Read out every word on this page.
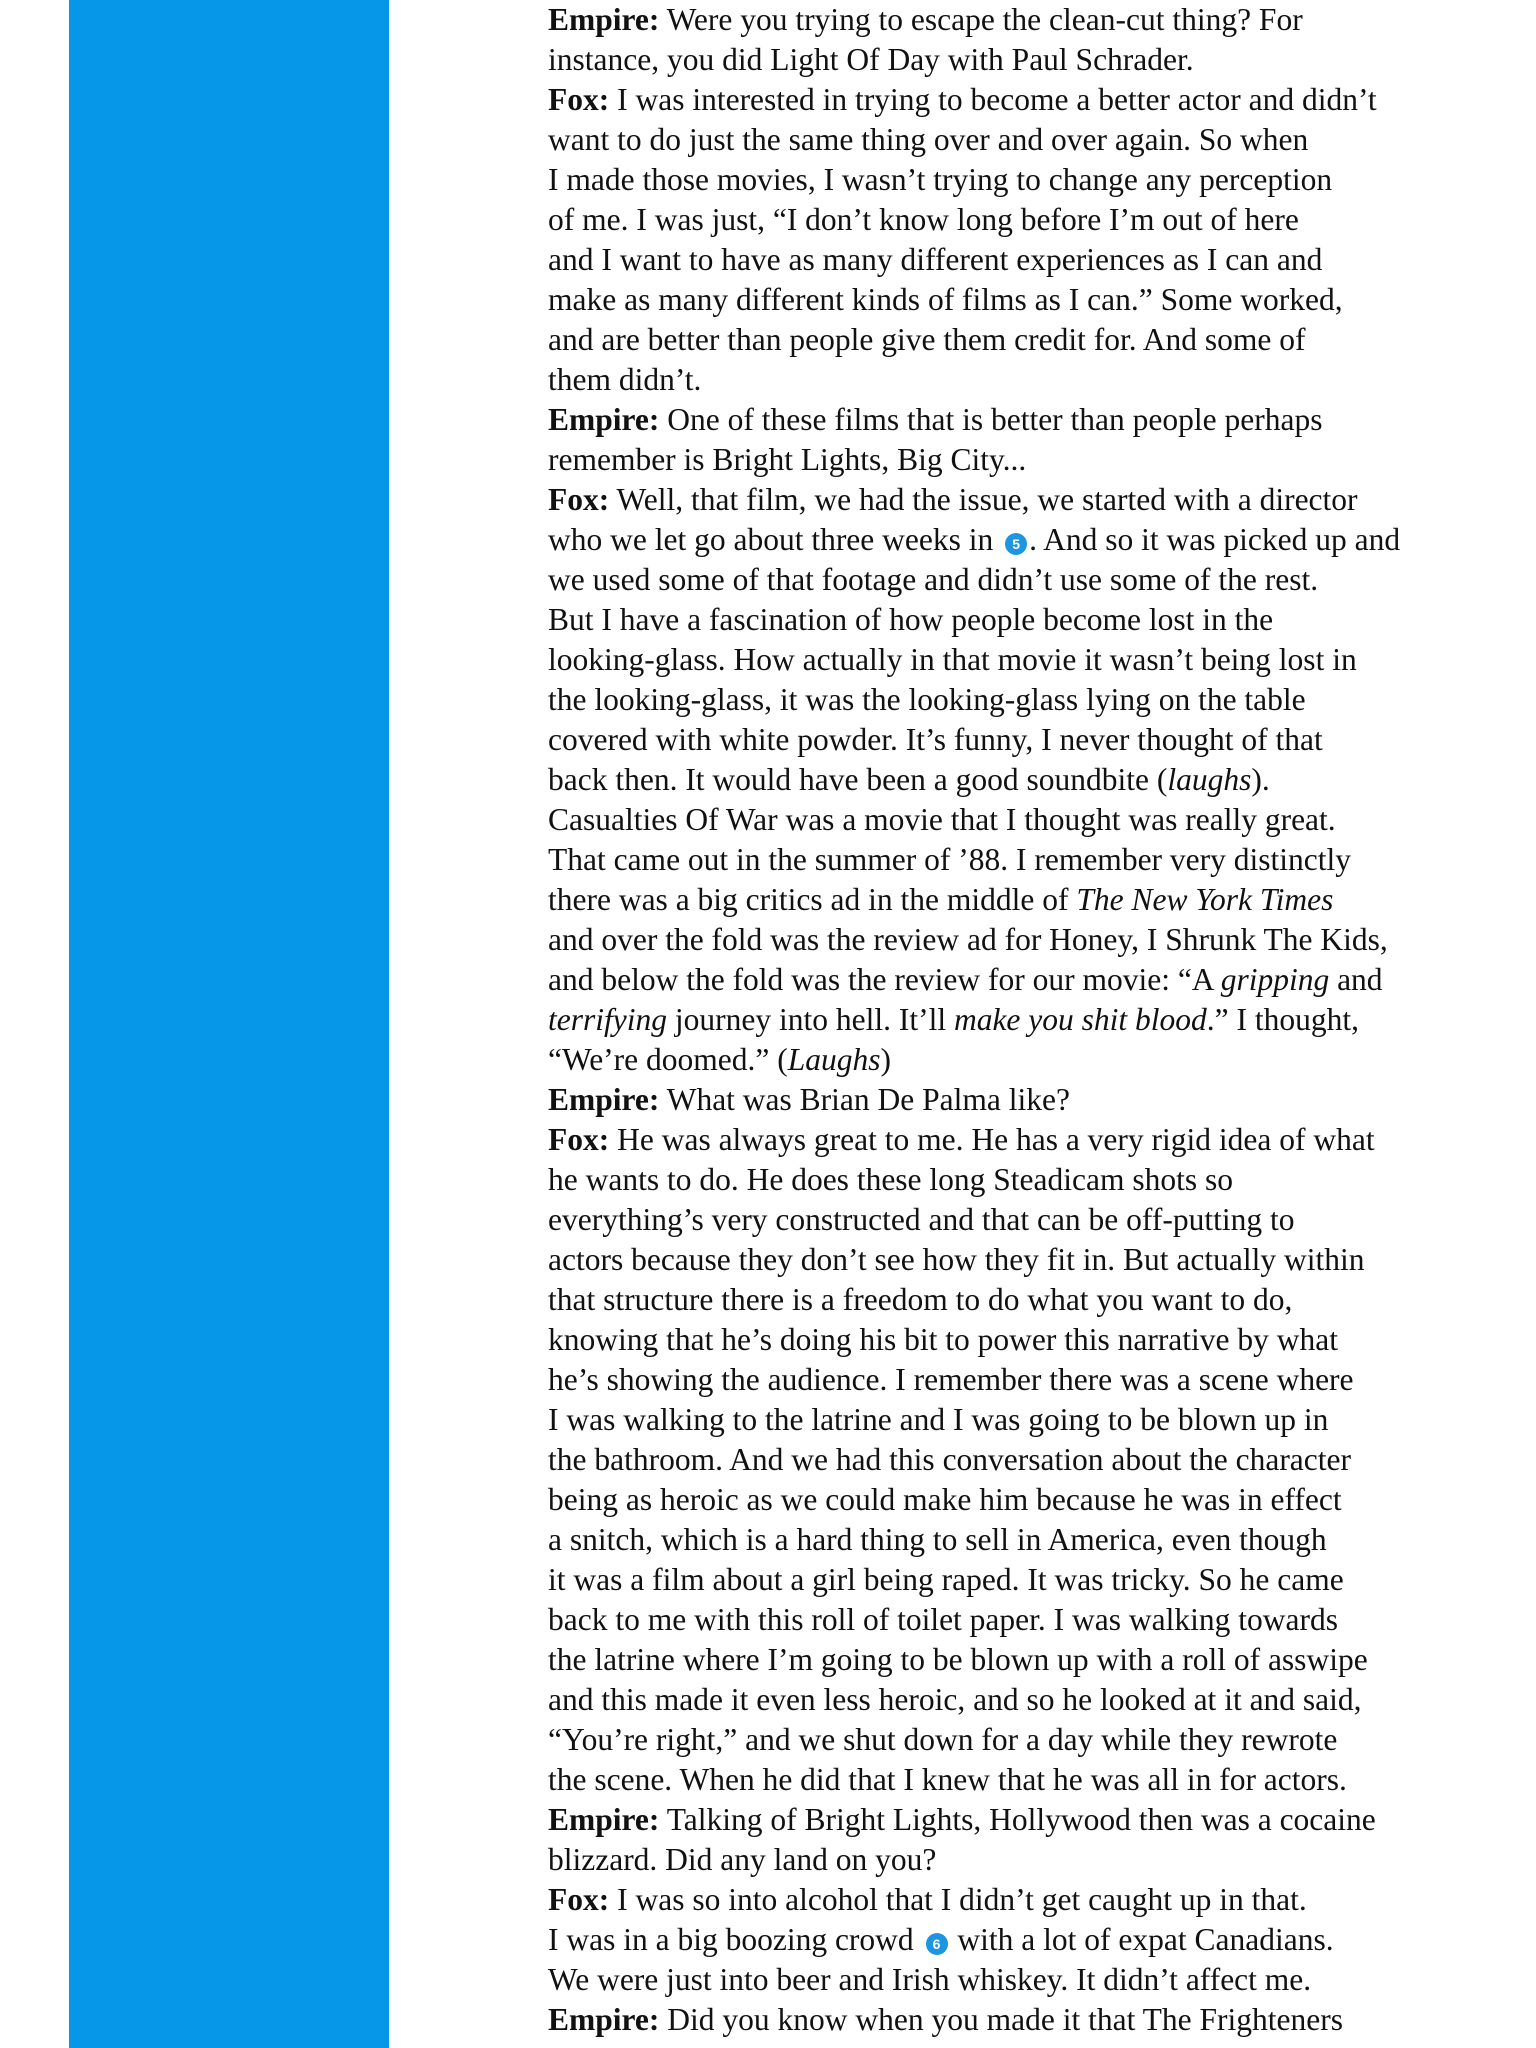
Empire: Were you trying to escape the clean-cut thing? For
instance, you did Light Of Day with Paul Schrader.
Fox: I was interested in trying to become a better actor and didn’t
want to do just the same thing over and over again. So when
I made those movies, I wasn’t trying to change any perception
of me. I was just, “I don’t know long before I’m out of here
and I want to have as many different experiences as I can and
make as many different kinds of films as I can.” Some worked,
and are better than people give them credit for. And some of
them didn’t.
Empire: One of these films that is better than people perhaps
remember is Bright Lights, Big City...
Fox: Well, that film, we had the issue, we started with a director
who we let go about three weeks in 5 . And so it was picked up and
we used some of that footage and didn’t use some of the rest.
But I have a fascination of how people become lost in the
looking-glass. How actually in that movie it wasn’t being lost in
the looking-glass, it was the looking-glass lying on the table
covered with white powder. It’s funny, I never thought of that
back then. It would have been a good soundbite (laughs).
Casualties Of War was a movie that I thought was really great.
That came out in the summer of ’88. I remember very distinctly
there was a big critics ad in the middle of The New York Times
and over the fold was the review ad for Honey, I Shrunk The Kids,
and below the fold was the review for our movie: “A gripping and
terrifying journey into hell. It’ll make you shit blood.” I thought,
“We’re doomed.” (Laughs)
Empire: What was Brian De Palma like?
Fox: He was always great to me. He has a very rigid idea of what
he wants to do. He does these long Steadicam shots so
everything’s very constructed and that can be off-putting to
actors because they don’t see how they fit in. But actually within
that structure there is a freedom to do what you want to do,
knowing that he’s doing his bit to power this narrative by what
he’s showing the audience. I remember there was a scene where
I was walking to the latrine and I was going to be blown up in
the bathroom. And we had this conversation about the character
being as heroic as we could make him because he was in effect
a snitch, which is a hard thing to sell in America, even though
it was a film about a girl being raped. It was tricky. So he came
back to me with this roll of toilet paper. I was walking towards
the latrine where I’m going to be blown up with a roll of asswipe
and this made it even less heroic, and so he looked at it and said,
“You’re right,” and we shut down for a day while they rewrote
the scene. When he did that I knew that he was all in for actors.
Empire: Talking of Bright Lights, Hollywood then was a cocaine
blizzard. Did any land on you?
Fox: I was so into alcohol that I didn’t get caught up in that.
I was in a big boozing crowd 6 with a lot of expat Canadians.
We were just into beer and Irish whiskey. It didn’t affect me.
Empire: Did you know when you made it that The Frighteners
